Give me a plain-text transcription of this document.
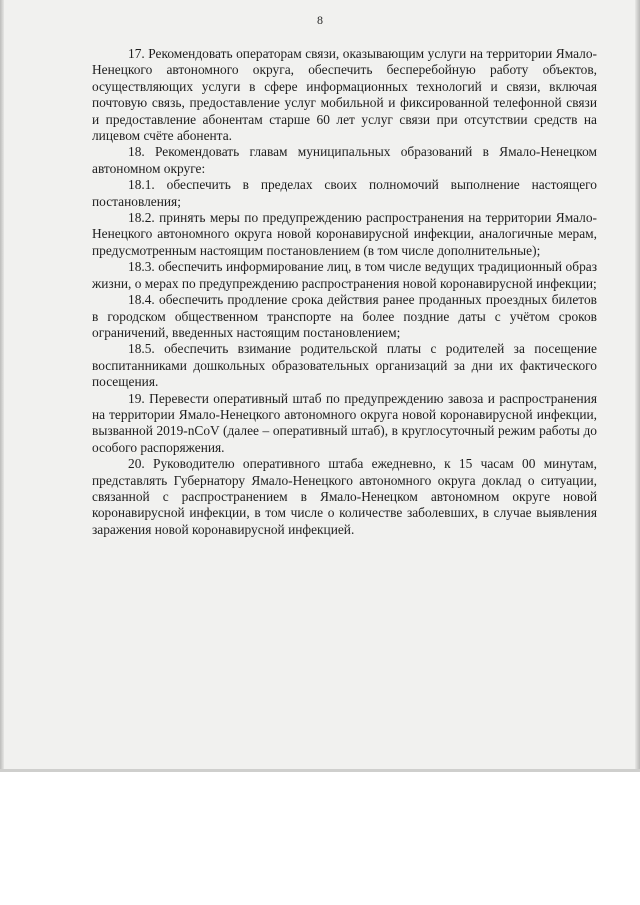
8

17. Рекомендовать операторам связи, оказывающим услуги на территории Ямало-Ненецкого автономного округа, обеспечить бесперебойную работу объектов, осуществляющих услуги в сфере информационных технологий и связи, включая почтовую связь, предоставление услуг мобильной и фиксированной телефонной связи и предоставление абонентам старше 60 лет услуг связи при отсутствии средств на лицевом счёте абонента.

18. Рекомендовать главам муниципальных образований в Ямало-Ненецком автономном округе:

18.1. обеспечить в пределах своих полномочий выполнение настоящего постановления;

18.2. принять меры по предупреждению распространения на территории Ямало-Ненецкого автономного округа новой коронавирусной инфекции, аналогичные мерам, предусмотренным настоящим постановлением (в том числе дополнительные);

18.3. обеспечить информирование лиц, в том числе ведущих традиционный образ жизни, о мерах по предупреждению распространения новой коронавирусной инфекции;

18.4. обеспечить продление срока действия ранее проданных проездных билетов в городском общественном транспорте на более поздние даты с учётом сроков ограничений, введенных настоящим постановлением;

18.5. обеспечить взимание родительской платы с родителей за посещение воспитанниками дошкольных образовательных организаций за дни их фактического посещения.

19. Перевести оперативный штаб по предупреждению завоза и распространения на территории Ямало-Ненецкого автономного округа новой коронавирусной инфекции, вызванной 2019-nCoV (далее – оперативный штаб), в круглосуточный режим работы до особого распоряжения.

20. Руководителю оперативного штаба ежедневно, к 15 часам 00 минутам, представлять Губернатору Ямало-Ненецкого автономного округа доклад о ситуации, связанной с распространением в Ямало-Ненецком автономном округе новой коронавирусной инфекции, в том числе о количестве заболевших, в случае выявления заражения новой коронавирусной инфекцией.
